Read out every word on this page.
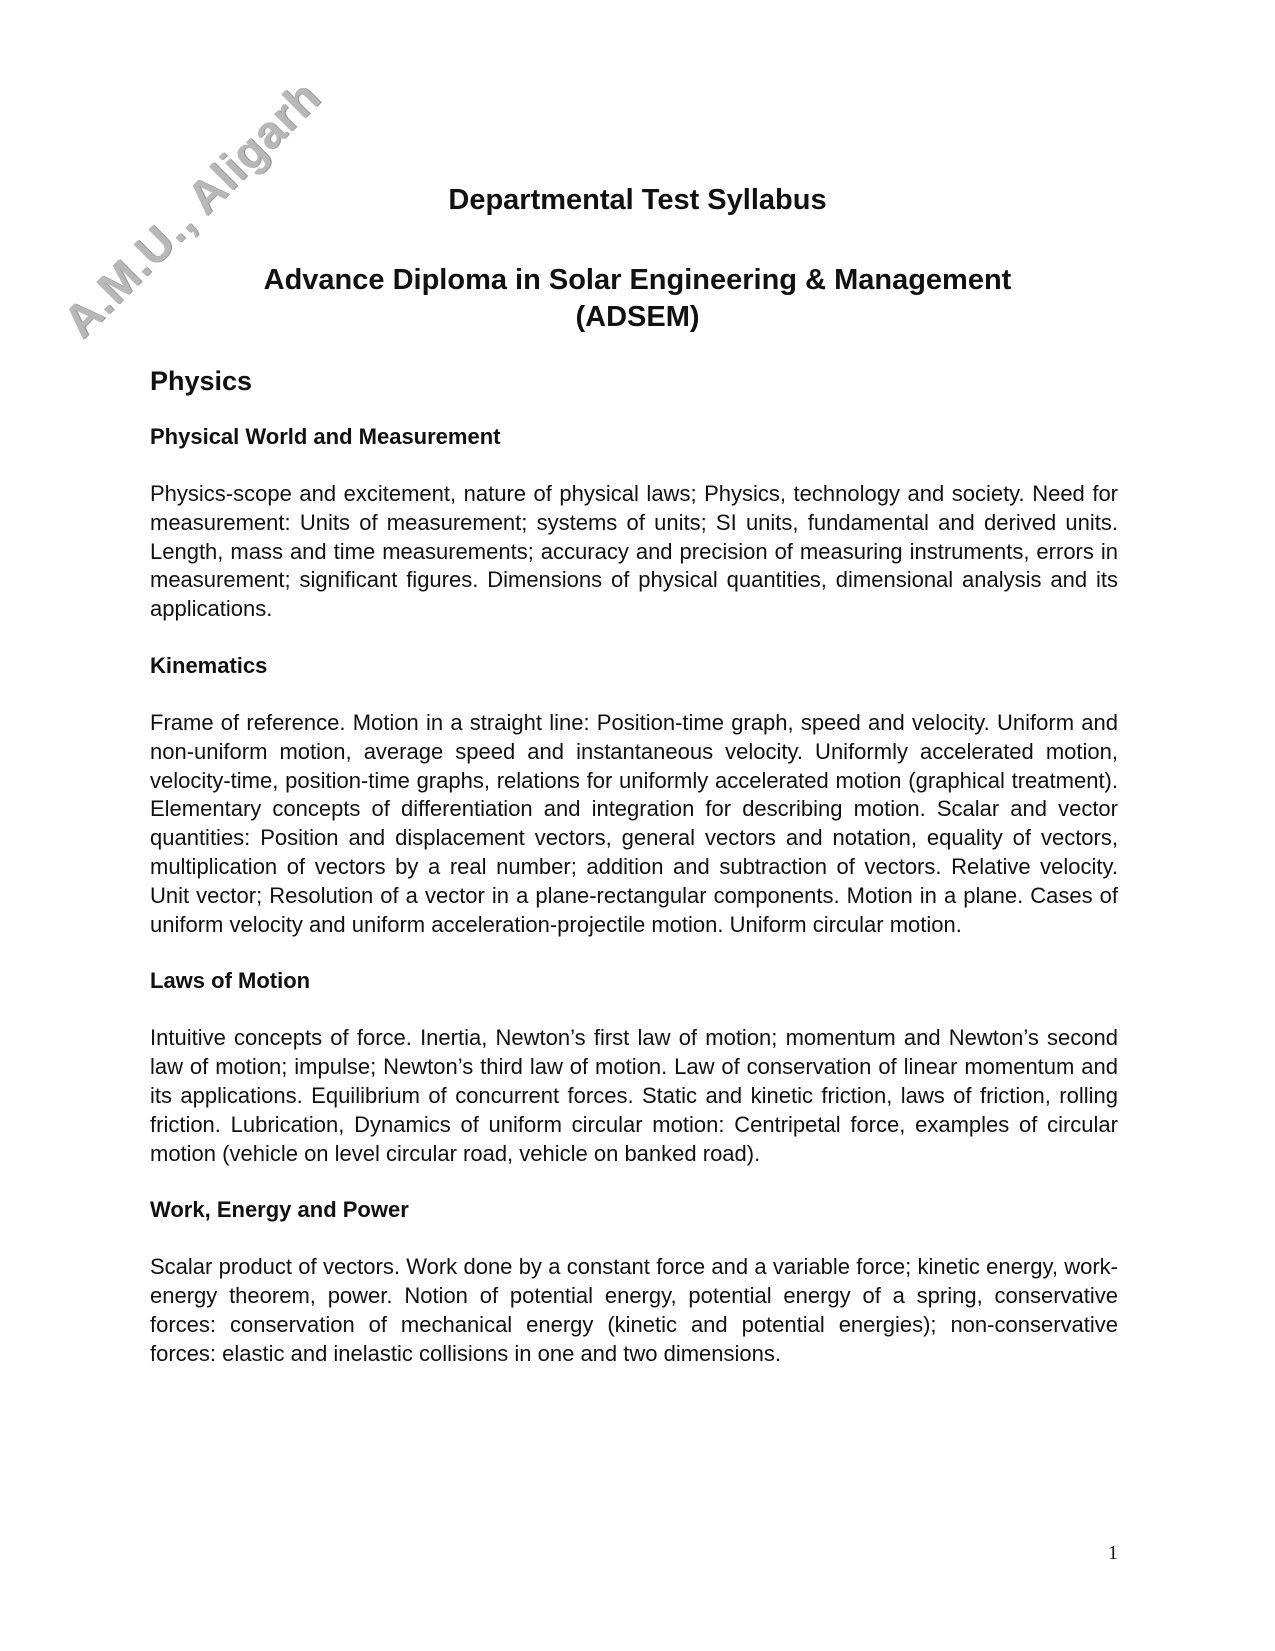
A.M.U., Aligarh	Departmental Test Syllabus
Advance Diploma in Solar Engineering & Management
(ADSEM)
Physics
Physical World and Measurement

Physics-scope and excitement, nature of physical laws; Physics, technology and society. Need for measurement: Units of measurement; systems of units; SI units, fundamental and derived units. Length, mass and time measurements; accuracy and precision of measuring instruments, errors in measurement; significant figures. Dimensions of physical quantities, dimensional analysis and its applications.

Kinematics

Frame of reference. Motion in a straight line: Position-time graph, speed and velocity. Uniform and non-uniform motion, average speed and instantaneous velocity. Uniformly accelerated motion, velocity-time, position-time graphs, relations for uniformly accelerated motion (graphical treatment). Elementary concepts of differentiation and integration for describing motion. Scalar and vector quantities: Position and displacement vectors, general vectors and notation, equality of vectors, multiplication of vectors by a real number; addition and subtraction of vectors. Relative velocity. Unit vector; Resolution of a vector in a plane-rectangular components. Motion in a plane. Cases of uniform velocity and uniform acceleration-projectile motion. Uniform circular motion.

Laws of Motion

Intuitive concepts of force. Inertia, Newton’s first law of motion; momentum and Newton’s second law of motion; impulse; Newton’s third law of motion. Law of conservation of linear momentum and its applications. Equilibrium of concurrent forces. Static and kinetic friction, laws of friction, rolling friction. Lubrication, Dynamics of uniform circular motion: Centripetal force, examples of circular motion (vehicle on level circular road, vehicle on banked road).

Work, Energy and Power

Scalar product of vectors. Work done by a constant force and a variable force; kinetic energy, work-energy theorem, power. Notion of potential energy, potential energy of a spring, conservative forces: conservation of mechanical energy (kinetic and potential energies); non-conservative forces: elastic and inelastic collisions in one and two dimensions.

1
